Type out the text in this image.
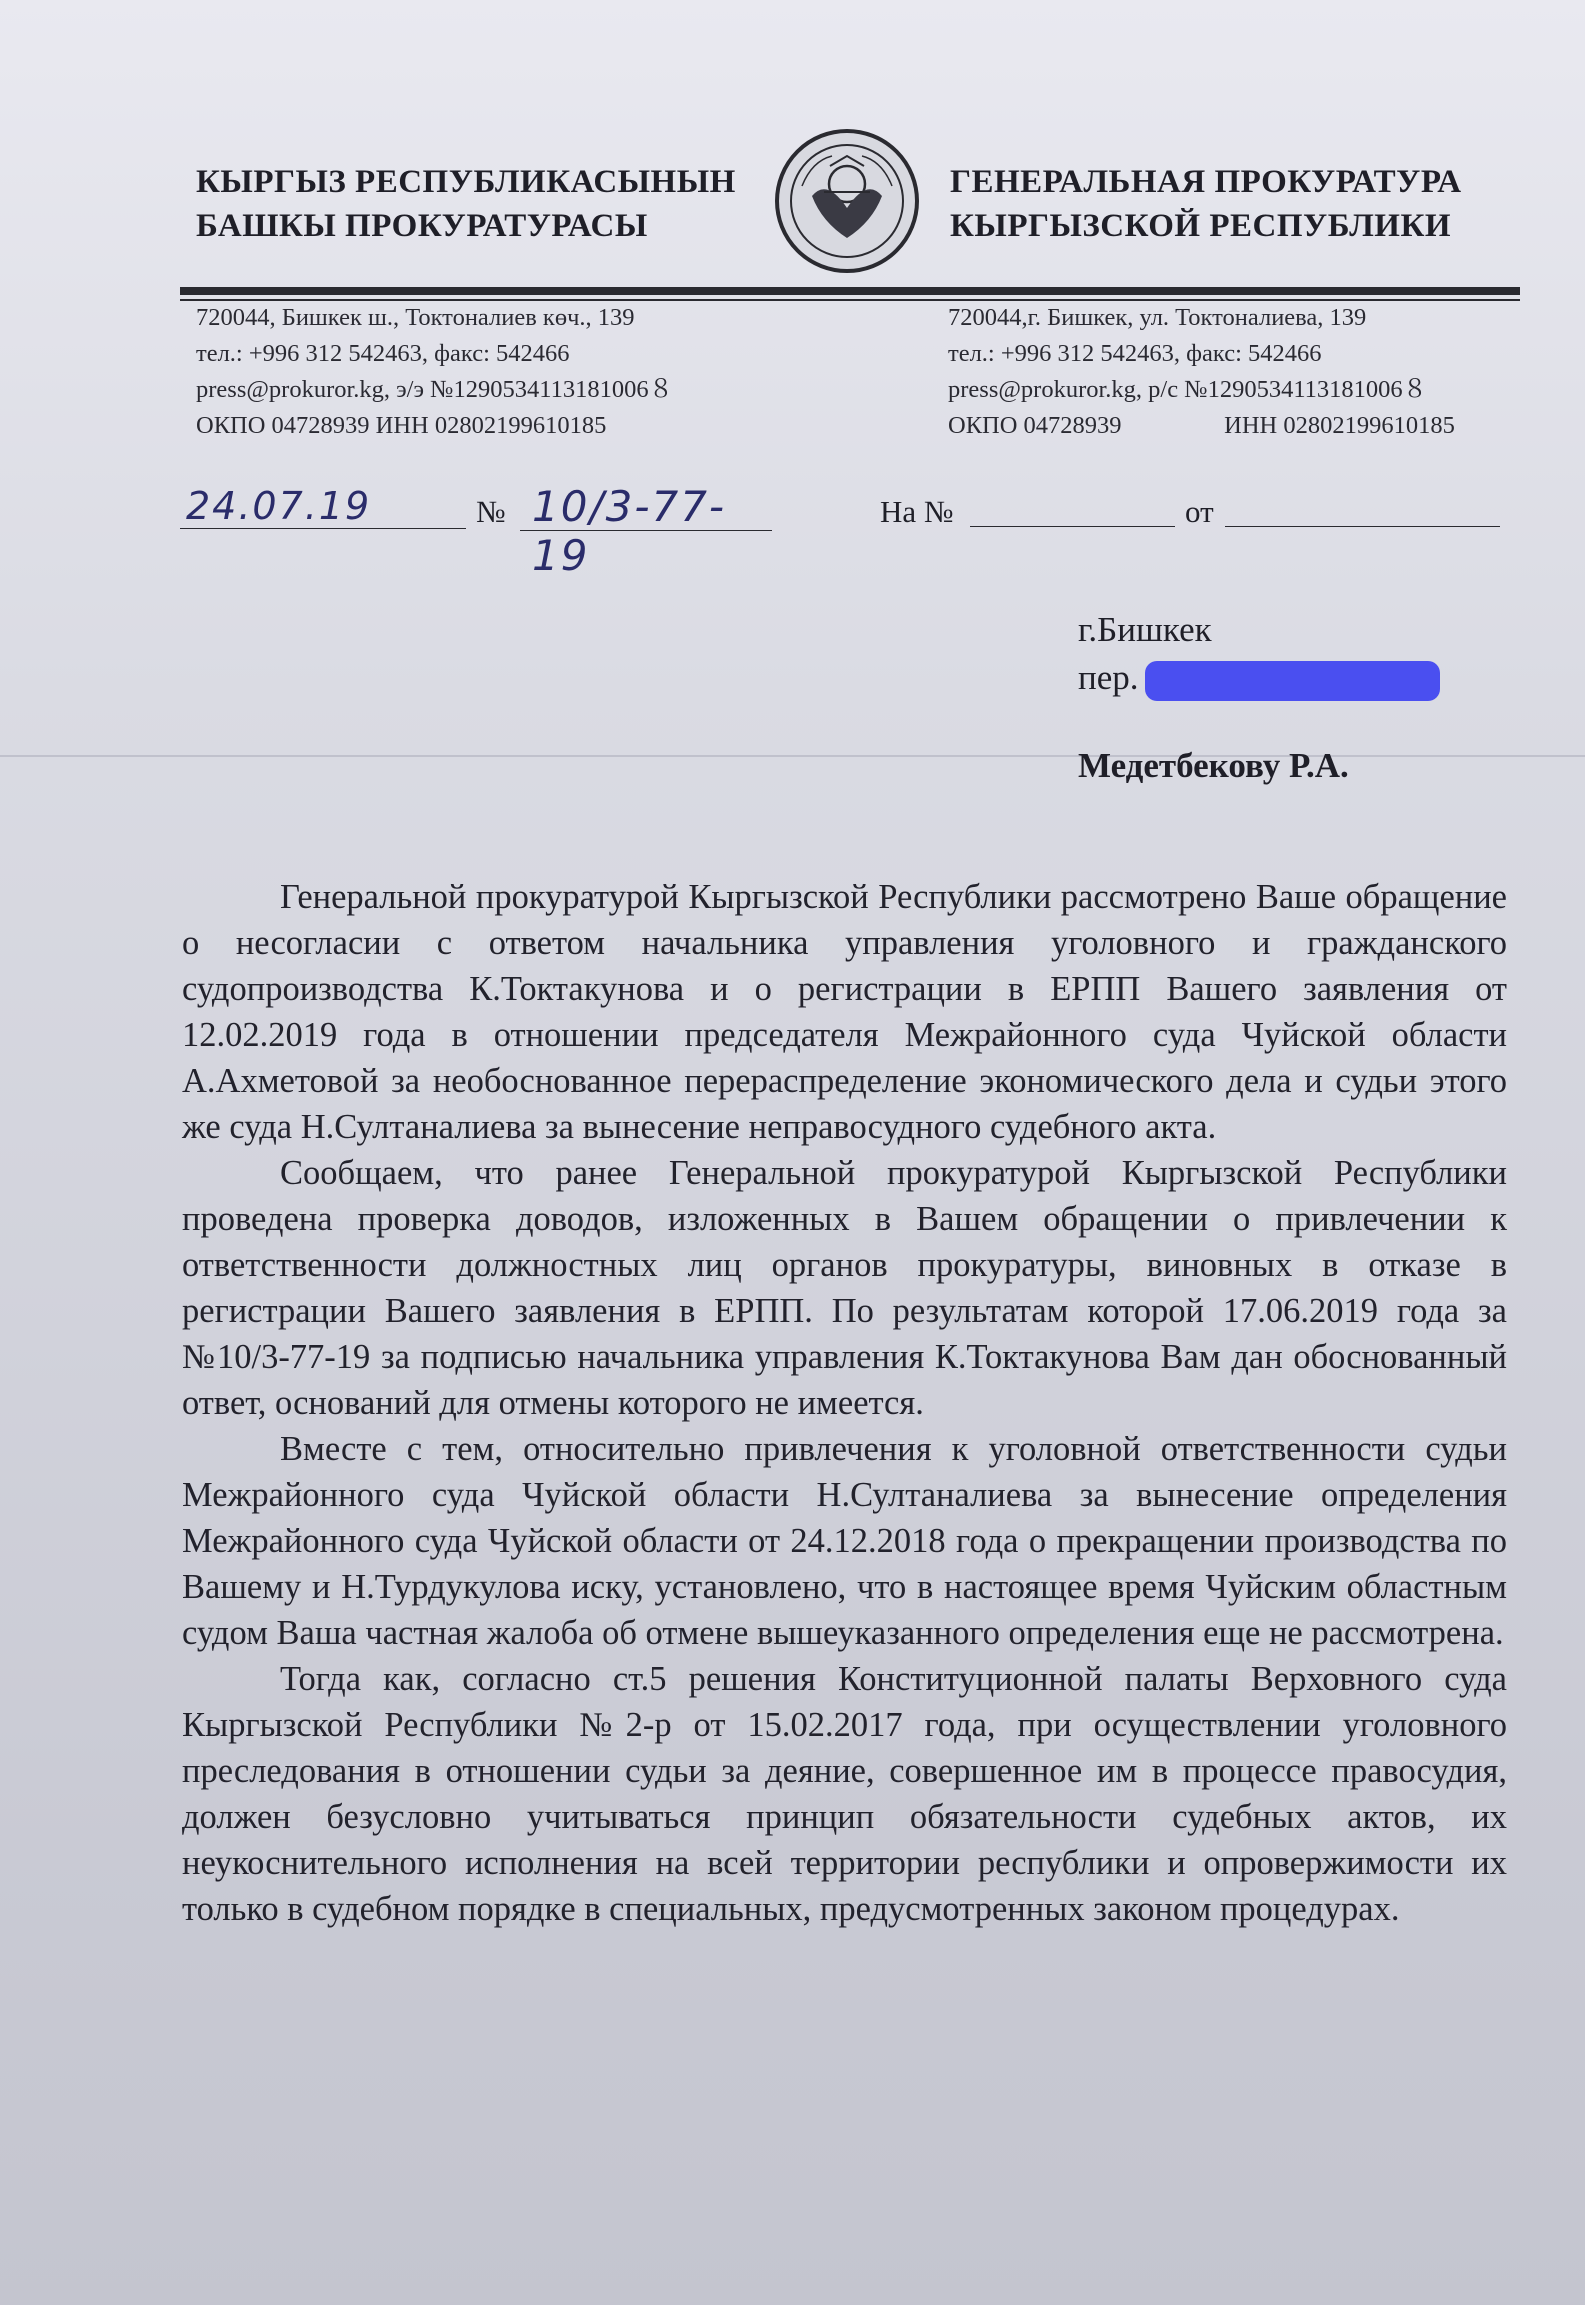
КЫРГЫЗ РЕСПУБЛИКАСЫНЫН
БАШКЫ ПРОКУРАТУРАСЫ
ГЕНЕРАЛЬНАЯ ПРОКУРАТУРА
КЫРГЫЗСКОЙ РЕСПУБЛИКИ
720044, Бишкек ш., Токтоналиев көч., 139
тел.: +996 312 542463, факс: 542466
press@prokuror.kg, э/э №1290534113181006８
ОКПО 04728939 ИНН 02802199610185
720044,г. Бишкек, ул. Токтоналиева, 139
тел.: +996 312 542463, факс: 542466
press@prokuror.kg, р/с №1290534113181006８
ОКПО 04728939	ИНН 02802199610185
24.07.19	№ 10/3-77-19
На №	от
г.Бишкек
пер.
Медетбекову Р.А.

Генеральной прокуратурой Кыргызской Республики рассмотрено Ваше обращение о несогласии с ответом начальника управления уголовного и гражданского судопроизводства К.Токтакунова и о регистрации в ЕРПП Вашего заявления от 12.02.2019 года в отношении председателя Межрайонного суда Чуйской области А.Ахметовой за необоснованное перераспределение экономического дела и судьи этого же суда Н.Султаналиева за вынесение неправосудного судебного акта.

Сообщаем, что ранее Генеральной прокуратурой Кыргызской Республики проведена проверка доводов, изложенных в Вашем обращении о привлечении к ответственности должностных лиц органов прокуратуры, виновных в отказе в регистрации Вашего заявления в ЕРПП. По результатам которой 17.06.2019 года за №10/3-77-19 за подписью начальника управления К.Токтакунова Вам дан обоснованный ответ, оснований для отмены которого не имеется.

Вместе с тем, относительно привлечения к уголовной ответственности судьи Межрайонного суда Чуйской области Н.Султаналиева за вынесение определения Межрайонного суда Чуйской области от 24.12.2018 года о прекращении производства по Вашему и Н.Турдукулова иску, установлено, что в настоящее время Чуйским областным судом Ваша частная жалоба об отмене вышеуказанного определения еще не рассмотрена.

Тогда как, согласно ст.5 решения Конституционной палаты Верховного суда Кыргызской Республики №2-р от 15.02.2017 года, при осуществлении уголовного преследования в отношении судьи за деяние, совершенное им в процессе правосудия, должен безусловно учитываться принцип обязательности судебных актов, их неукоснительного исполнения на всей территории республики и опровержимости их только в судебном порядке в специальных, предусмотренных законом процедурах.
